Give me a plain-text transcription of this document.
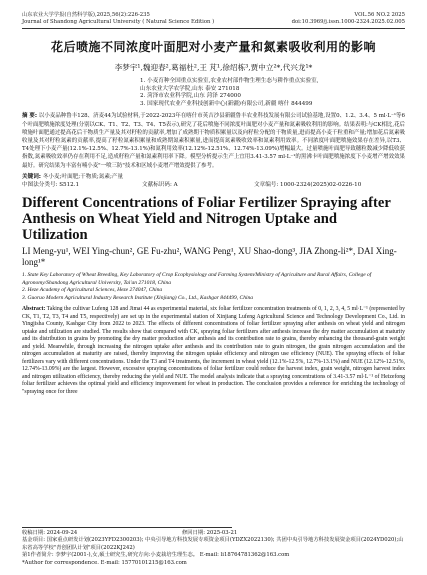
山东农业大学学报(自然科学版),2025,56(2):226-235
Journal of Shandong Agricultural University ( Natural Science Edition )
VOL.56 NO.2 2025
doi:10.3969/j.issn.1000-2324.2025.02.005
花后喷施不同浓度叶面肥对小麦产量和氮素吸收利用的影响
李梦宇¹,魏迎春²,葛福杜²,王 芃¹,徐绍栋³,贾中立²*,代兴龙¹*
1. 小麦育种全国重点实验室,农业农村部作物生理生态与耕作重点实验室,
山东农业大学农学院,山东 泰安 271018
2. 菏泽市农业科学院,山东 菏泽 274000
3. 国家现代农业产业科技创新中心(新疆)有限公司,新疆 喀什 844499
摘 要: 以小麦品种鲁丰128、济麦44为试验材料,于2022-2023年在喀什市英吉沙县新疆鲁丰农业科技发展有限公司试验基地,设置0、1.2、3.4、5 ml·L⁻¹等6个叶面肥喷施浓度处理(分别以CK、T1、T2、T3、T4、T5表示),研究了花后喷施不同浓度叶面肥对小麦产量和氮素吸收利用的影响。结果表明:与CK相比,花后喷施叶面肥通过提高花后干物质生产量及其对籽粒的贡献率,增加了成熟期干物质积累量以及向籽粒分配的干物质量,进而提高小麦千粒重和产量;增加花后氮素吸收量及其对籽粒氮素的贡献率,提高了籽粒氮素积累量和成熟期氮素积累量,进而提高氮素吸收效率和氮素利用效率。不同浓度叶面肥喷施效果存在差异,以T3、T4处理下小麦产量(12.1%-12.5%、12.7%-13.1%)和氮利用效率(12.12%-12.51%、12.74%-13.09%)增幅最大。过量喷施叶面肥导致穗粒数减少降低收获指数,氮素吸收效率仍存在利用不足,造成籽粒产量和氮素利用率下降。模型分析提示生产上宜用3.41-3.57 ml·L⁻¹的黑沸卡叶面肥喷施浓度下小麦增产增效效果最好。研究结果为丰富有喃小麦"一喷三防"技术和区域小麦增产增效提供了参考。
关键词: 冬小麦;叶面肥;干物质;氮素;产量
中图法分类号: S512.1	文献标识码: A	文章编号: 1000-2324(2025)02-0226-10
Different Concentrations of Foliar Fertilizer Spraying after Anthesis on Wheat Yield and Nitrogen Uptake and Utilization
LI Meng-yu¹, WEI Ying-chun², GE Fu-zhu², WANG Peng¹, XU Shao-dong³, JIA Zhong-li²*, DAI Xing-long¹*
1. State Key Laboratory of Wheat Breeding, Key Laboratory of Crop Ecophysiology and Farming System/Ministry of Agriculture and Rural Affairs, College of Agronomy/Shandong Agricultural University, Tai'an 271018, China
2. Heze Academy of Agricultural Sciences, Heze 274047, China
3. Guoruo Modern Agricultural Industry Research Institute (Xinjiang) Co., Ltd., Kashgar 844499, China
Abstract: Taking the cultivar Lufeng 128 and Jimai 44 as experimental material, six foliar fertilizer concentration treatments of 0, 1, 2, 3, 4, 5 ml·L⁻¹ (represented by CK, T1, T2, T3, T4 and T5, respectively) are set up in the experimental station of Xinjiang Lufeng Agricultural Science and Technology Development Co., Ltd. in Yingjisha County, Kashgar City from 2022 to 2023. The effects of different concentrations of foliar fertilizer spraying after anthesis on wheat yield and nitrogen uptake and utilization are studied. The results show that compared with CK, spraying foliar fertilizers after anthesis increase the dry matter accumulation at maturity and its distribution in grains by promoting the dry matter production after anthesis and its contribution rate to grains, thereby enhancing the thousand-grain weight and yield. Meanwhile, through increasing the nitrogen uptake after anthesis and its contribution rate to grain nitrogen, the grain nitrogen accumulation and the nitrogen accumulation at maturity are raised, thereby improving the nitrogen uptake efficiency and nitrogen use efficiency (NUE). The spraying effects of foliar fertilizers vary with different concentrations. Under the T3 and T4 treatments, the increment in wheat yield (12.1%-12.5%, 12.7%-13.1%) and NUE (12.12%-12.51%, 12.74%-13.09%) are the largest. However, excessive spraying concentrations of foliar fertilizer could reduce the harvest index, grain weight, nitrogen harvest index and nitrogen utilization efficiency, thereby reducing the yield and NUE. The model analysis indicate that a spraying concentrations of 3.41-3.57 ml·L⁻¹ of Heizefong foliar fertilizer achieves the optimal yield and efficiency improvement for wheat in production. The conclusion provides a reference for enriching the technology of "spraying once for three
收稿日期: 2024-09-24	修回日期: 2025-03-21
基金项目: 国家重点研发计划(2023YFD2300203); 中央引导地方科技发展专项资金项目(YDZX2022130); 共团中央引导地方科技发展资金项目(2024YD020);山东省高等学校"青创团队计划"项目(2022KJ242)
第1作者简介: 李梦宇(2001-),女,硕士研究生,研究方向:小麦栽培生理生态。 E-mail: li18764781362@163.com
*Author for correspondence. E-mail: 15770101215@163.com
